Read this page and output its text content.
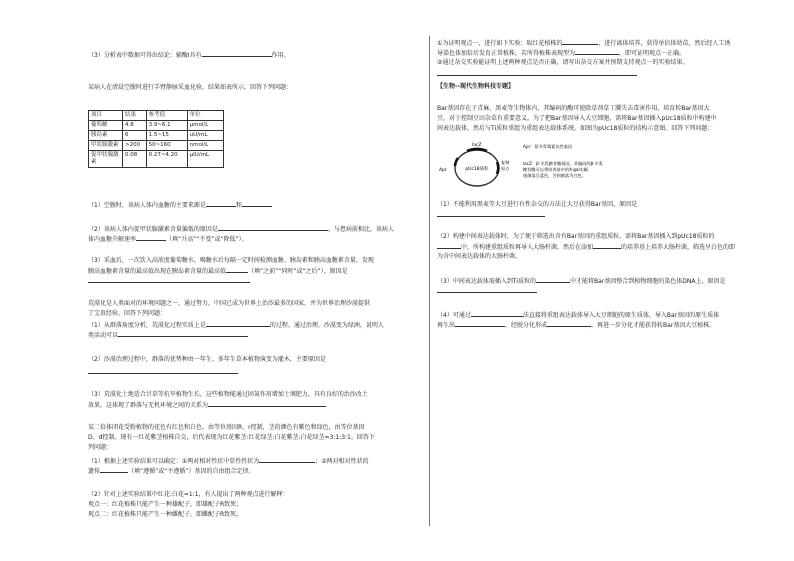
（3）分析表中数据可得出结论：辅酶I具有	作用。
某病人在清晨空腹时进行手臂静脉采血化验，结果如表所示，回答下列问题：
项目	结果	参考值	单位
葡萄糖	4.8	3.9~6.1	μmol/L
胰岛素	6	1.5~15	uU/mL
甲状腺激素	>200	50~160	nmol/L
促甲状腺激素	0.08	0.27~4.20	μIU/mL
（1）空腹时，该病人体内血糖的主要来源是	和
（2）该病人体内促甲状腺激素含量偏低的原因是	。与患病前相比，该病人
体内血糖升解速率	（填“升高”“不变”或“降低”）。
（3）采血后，一次饮入高浓度葡萄糖水，喝糖水后每隔一定时间检测血糖、胰岛素和胰高血糖素含量，发现
胰高血糖素含量的最高值出现在胰岛素含量的最高值	（填“之前”“同时”或“之后”），原因是
荒漠化是人类面对的环境问题之一，通过努力，中国已成为世界上治沙最多的国家，并为世界治理沙漠提供
了宝贵经验。回答下列问题：
（1）从群落角度分析，荒漠化过程实质上是	的过程。通过治理，沙漠变为绿洲，说明人
类活动可以
（2）沙漠治理过程中，群落的优势种由一年生、多年生草本植物演变为灌木，主要原因是
（3）荒漠化土地适合甘草等抗旱植物生长，这些植物能通过固氮作用增加土壤肥力，具有良好的治沙改土
效果，这体现了群落与无机环境之间的关系为
某二倍体闭花受粉植物的花色有红色和白色，由等位基因R、r控制，茎的颜色有紫色和绿色，由等位基因
D、d控制。现有一红花紫茎植株自交，后代表现为红花紫茎:红花绿茎:白花紫茎:白花绿茎=3:1:3:1。回答下
列问题：
（1）根据上述实验结果可以确定：①两对相对性状中显性性状为	；②两对相对性状的
遗传	（填“遵循”或“不遵循”）基因的自由组合定律。
（2）针对上述实验结果中红花:白花=1:1，有人提出了两种观点进行解释：
观点一：红花植株只能产生一种雄配子，即雄配子R致死；
观点二：红花植株只能产生一种雌配子，即雌配子R致死。
①为证明观点一，进行如下实验：取红花植株的	，进行离体培养，获得单倍体幼苗，然后经人工诱
导染色体加倍后发育正常植株，若所得植株表现型为	，即可证明观点一正确。
②通过杂交实验能证明上述两种观点是否正确，请写出杂交方案并预期支持观点一的实验结果。
【生物--现代生物科技专题】
Bar基因存在于青麻、黑麦等生物体内，其编码的酶可使除草剂草丁膦失去毒害作用。培育转Bar基因大
豆，对于控制豆田杂草有重要意义。为了把Bar基因导入大豆细胞，需将Bar基因插入pUc18质粒中构建中
间表达载体，然后与Ti质粒重组为重组表达载体系统。如图为pUc18质粒的结构示意图。回答下列问题：
pUc18质粒
lacZ
复制
原点
Apr
Apr：氨苄青霉素抗性基因
lacZ：β-半乳糖苷酶基因，其编码的β-半乳
糖苷酶可以将培养基中的X-gal水解，
使菌落呈蓝色，否则菌落为白色。
（1）不能利用黑麦等大豆进行有性杂交的方法让大豆获得Bar基因，原因是
（2）构建中间表达载体时，为了便于筛选出含有Bar基因的重组质粒，需将Bar基因插入到pUc18质粒的
中，所构建重组质粒再导入大肠杆菌，然后在添加	的培养基上培养大肠杆菌，筛选呈白色的即
为含中间表达载体的大肠杆菌。
（3）中间表达载体需插入到Ti质粒的	中才能将Bar基因整合到植物细胞的染色体DNA上，原因是
（4）可通过	法直接将重组表达载体导入大豆细胞的原生质体，导入Bar基因的原生质体
再生出	，经脱分化形成	，再进一步分化才能获得转Bar基因大豆植株。
